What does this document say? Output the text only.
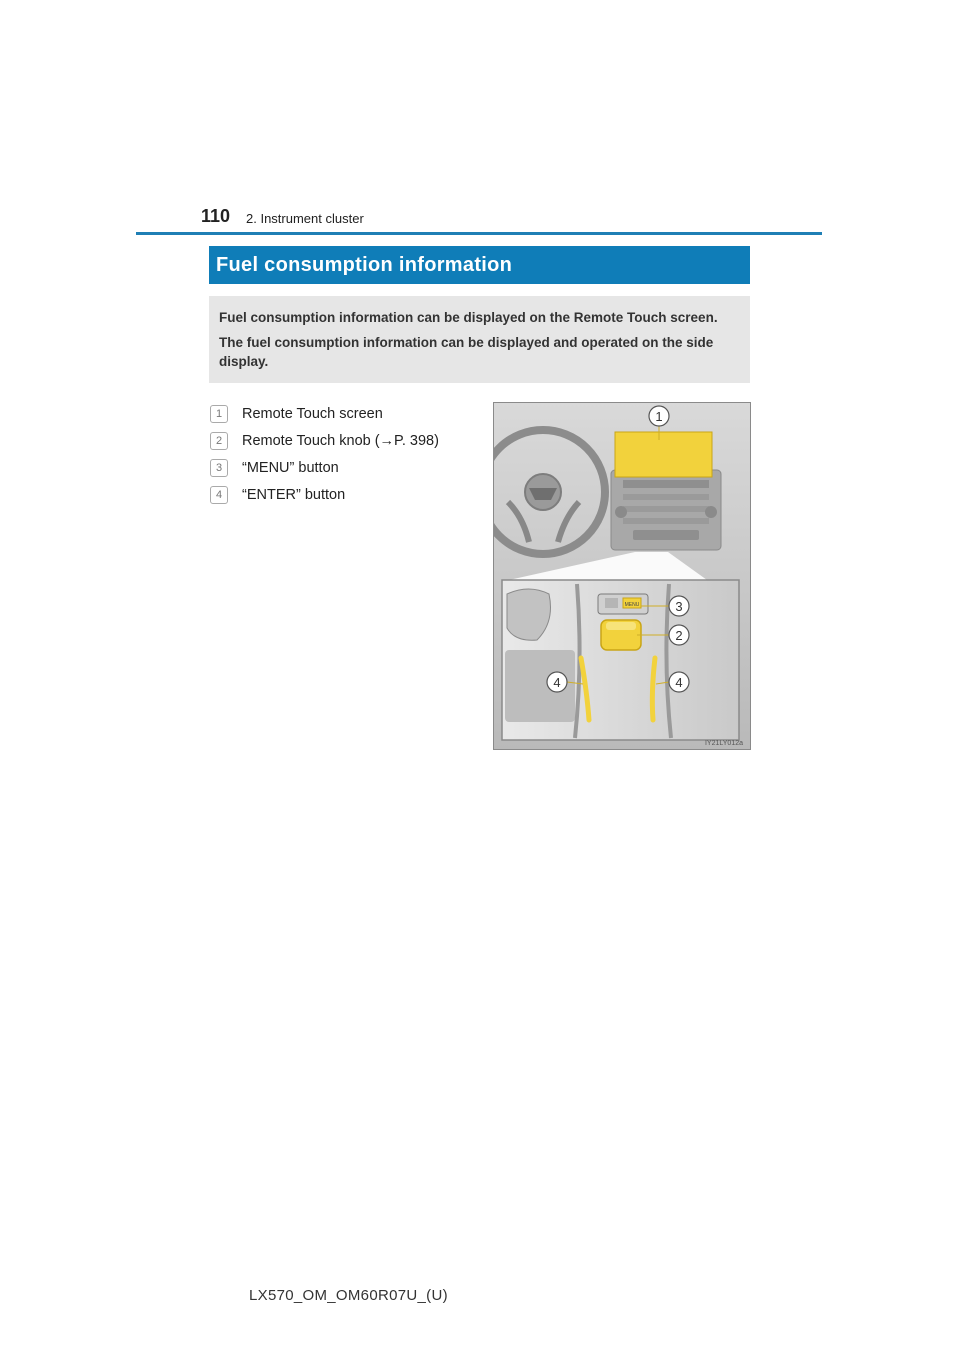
110 2. Instrument cluster
Fuel consumption information

Fuel consumption information can be displayed on the Remote Touch screen.

The fuel consumption information can be displayed and operated on the side display.

1	Remote Touch screen
2	Remote Touch knob (→P. 398)
3	“MENU” button
4	“ENTER” button
MENU
1
2
3
4	4
IY21LY012a
LX570_OM_OM60R07U_(U)
